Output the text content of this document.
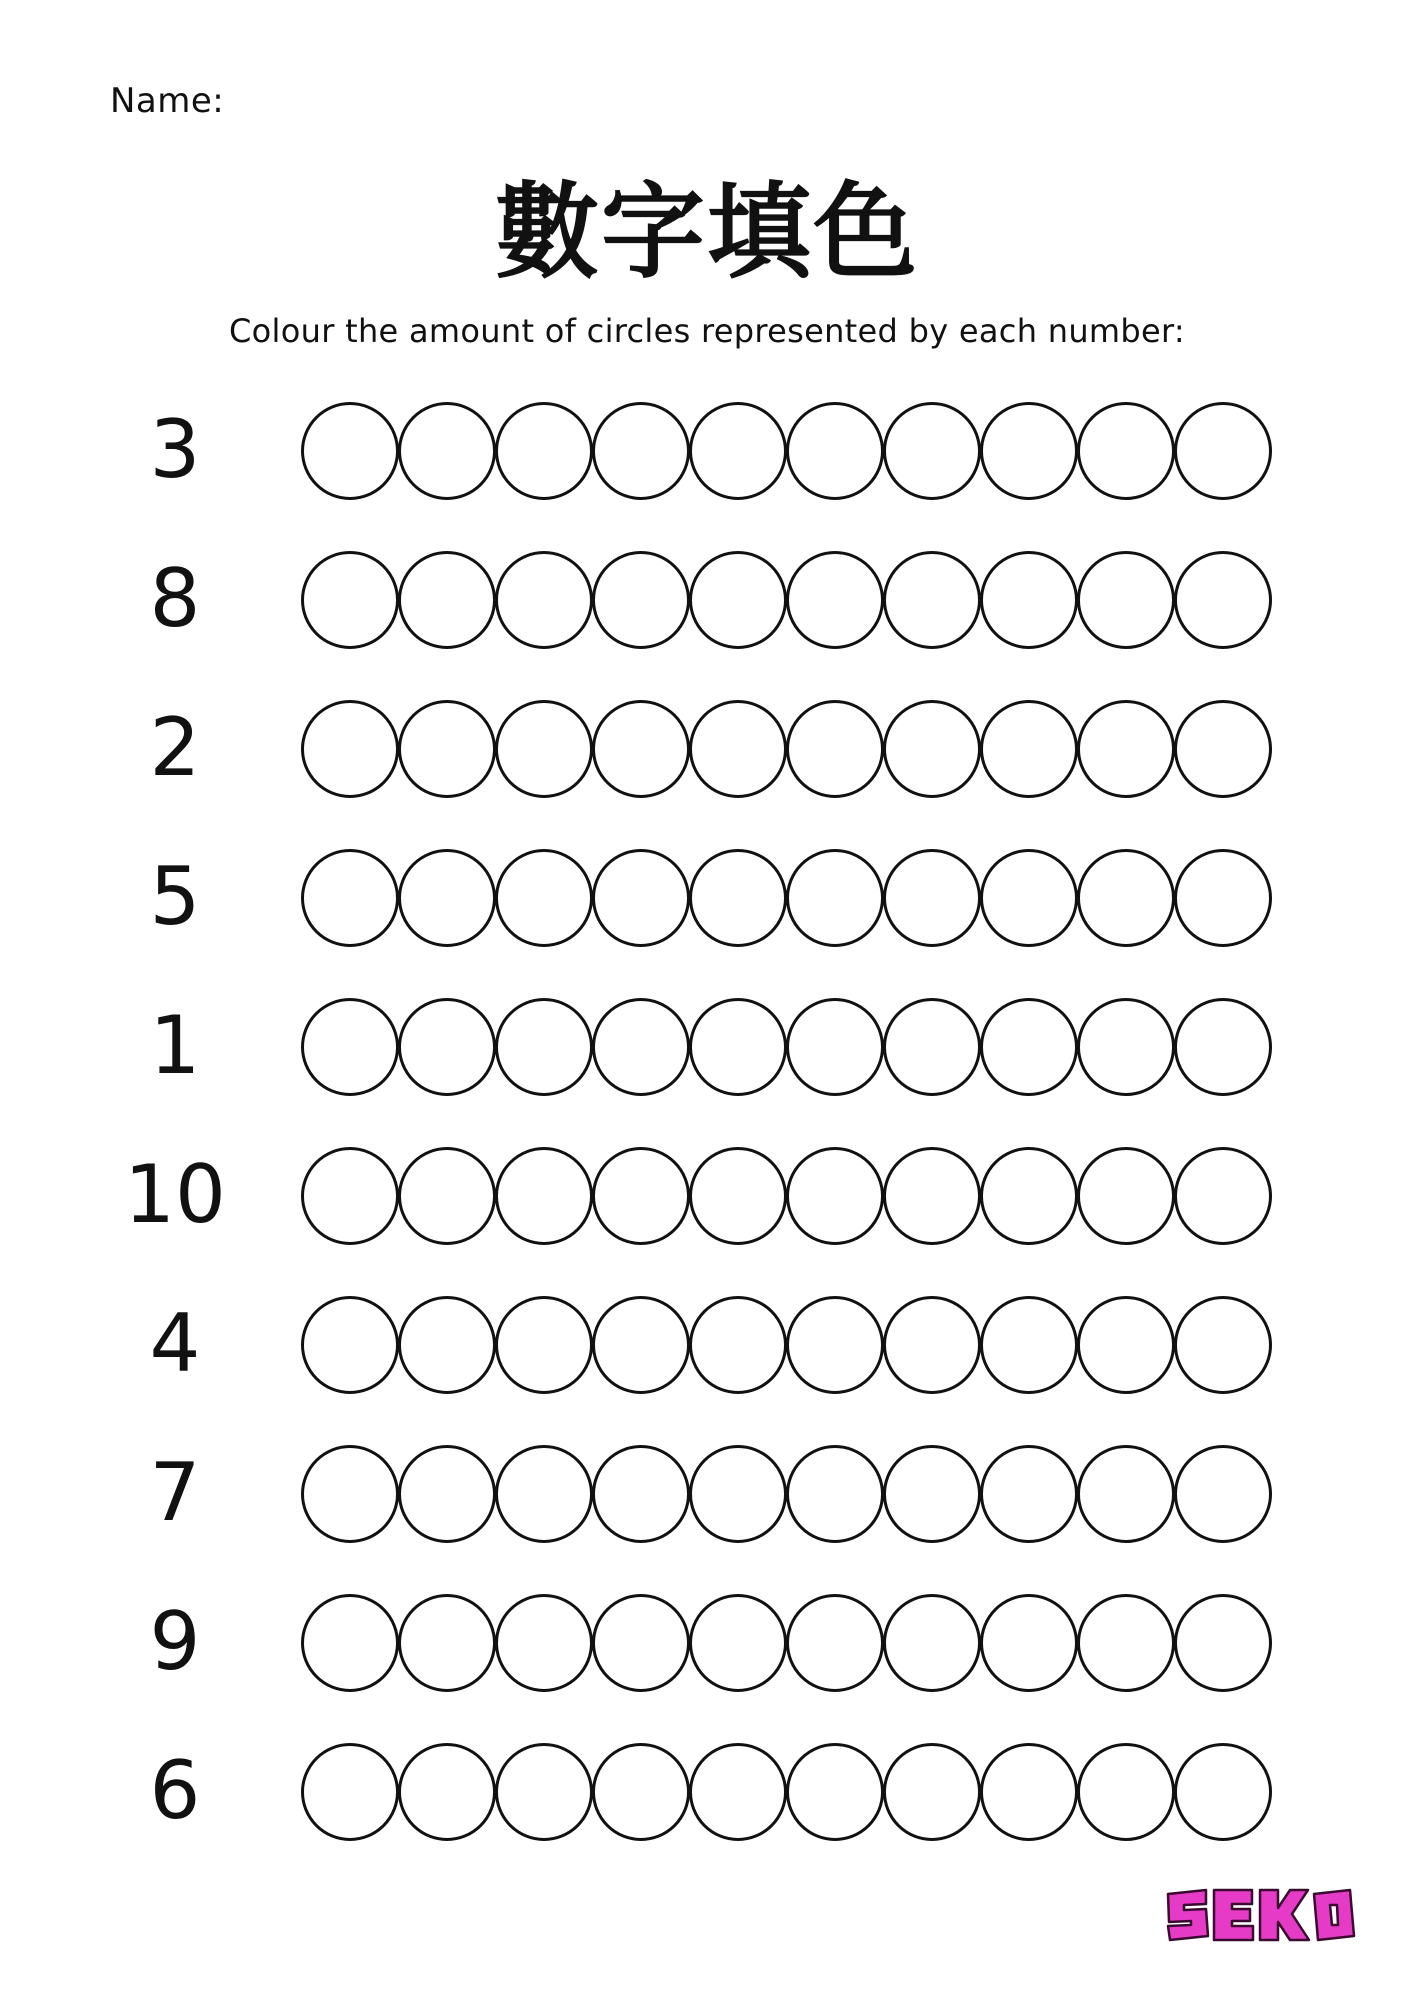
Name:
數字填色
Colour the amount of circles represented by each number:
3
8
2
5
1
10
4
7
9
6
